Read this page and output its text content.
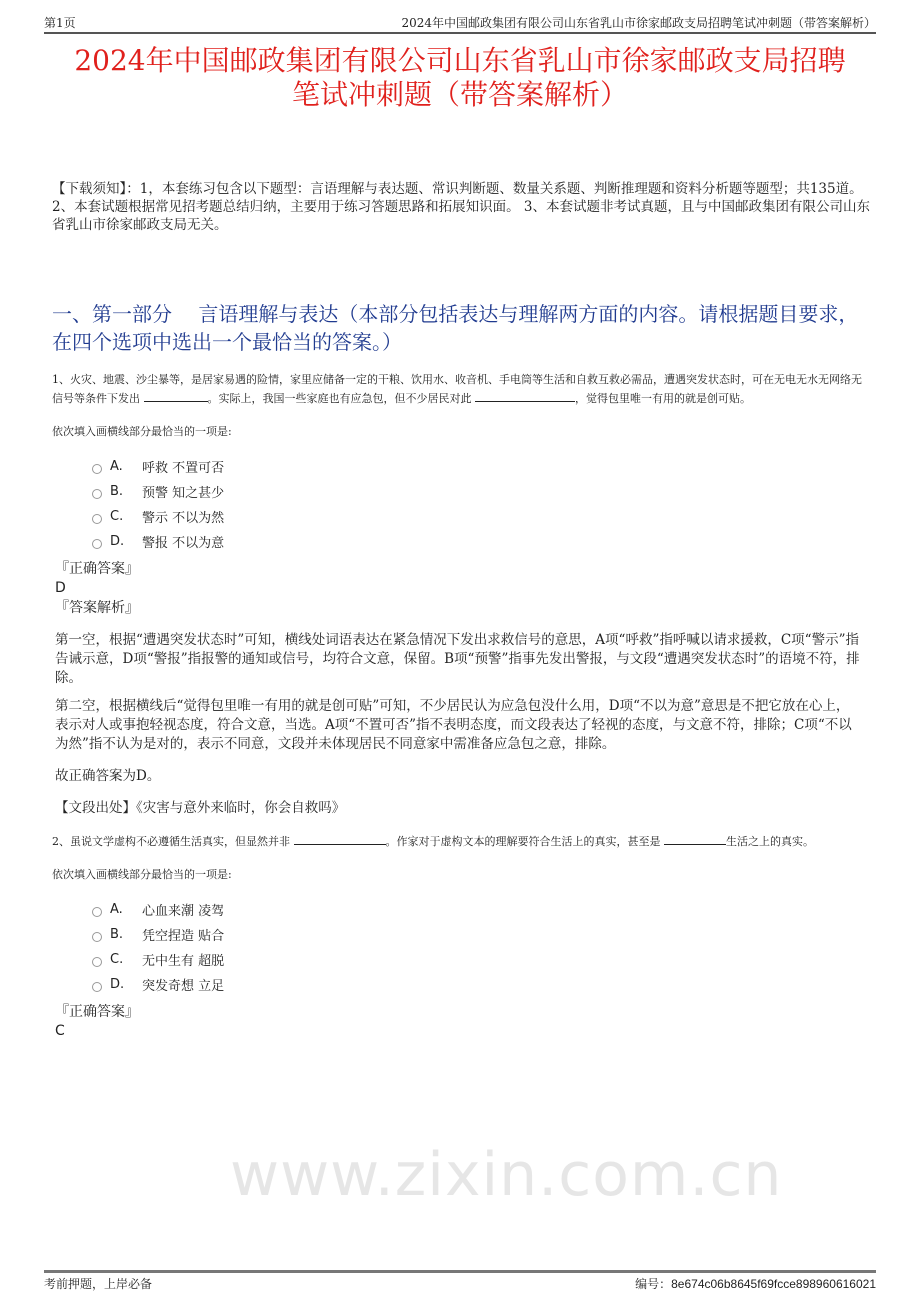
第1页	2024年中国邮政集团有限公司山东省乳山市徐家邮政支局招聘笔试冲刺题（带答案解析）
www.zixin.com.cn
2024年中国邮政集团有限公司山东省乳山市徐家邮政支局招聘
笔试冲刺题（带答案解析）
【下载须知】：1，本套练习包含以下题型：言语理解与表达题、常识判断题、数量关系题、判断推理题和资料分析题等题型；共135道。 2、本套试题根据常见招考题总结归纳，主要用于练习答题思路和拓展知识面。 3、本套试题非考试真题，且与中国邮政集团有限公司山东省乳山市徐家邮政支局无关。
一、第一部分　 言语理解与表达（本部分包括表达与理解两方面的内容。请根据题目要求，在四个选项中选出一个最恰当的答案。）
1、火灾、地震、沙尘暴等，是居家易遇的险情，家里应储备一定的干粮、饮用水、收音机、手电筒等生活和自救互救必需品，遭遇突发状态时，可在无电无水无网络无信号等条件下发出	。实际上，我国一些家庭也有应急包，但不少居民对此	，觉得包里唯一有用的就是创可贴。
依次填入画横线部分最恰当的一项是:
A.	呼救 不置可否
B.	预警 知之甚少
C.	警示 不以为然
D.	警报 不以为意
『正确答案』
D
『答案解析』
第一空，根据“遭遇突发状态时”可知，横线处词语表达在紧急情况下发出求救信号的意思，A项“呼救”指呼喊以请求援救，C项“警示”指告诫示意，D项“警报”指报警的通知或信号，均符合文意，保留。B项“预警”指事先发出警报，与文段“遭遇突发状态时”的语境不符，排除。
第二空，根据横线后“觉得包里唯一有用的就是创可贴”可知，不少居民认为应急包没什么用，D项“不以为意”意思是不把它放在心上，表示对人或事抱轻视态度，符合文意，当选。A项“不置可否”指不表明态度，而文段表达了轻视的态度，与文意不符，排除；C项“不以为然”指不认为是对的，表示不同意，文段并未体现居民不同意家中需准备应急包之意，排除。
故正确答案为D。
【文段出处】《灾害与意外来临时，你会自救吗》
2、虽说文学虚构不必遵循生活真实，但显然并非	。作家对于虚构文本的理解要符合生活上的真实，甚至是	生活之上的真实。
依次填入画横线部分最恰当的一项是:
A.	心血来潮 凌驾
B.	凭空捏造 贴合
C.	无中生有 超脱
D.	突发奇想 立足
『正确答案』
C
考前押题，上岸必备	编号：8e674c06b8645f69fcce898960616021
